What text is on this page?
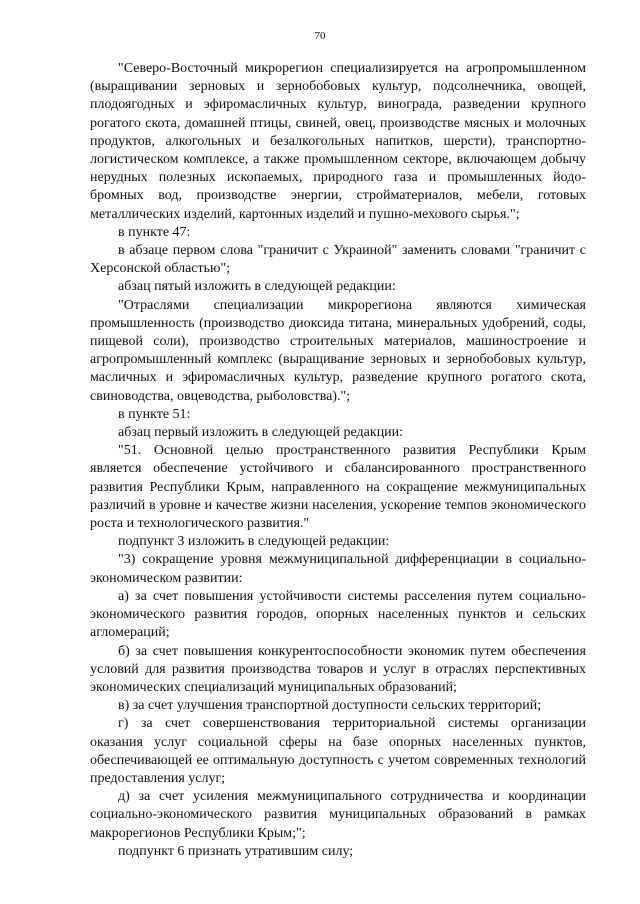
70

"Северо-Восточный микрорегион специализируется на агропромышленном (выращивании зерновых и зернобобовых культур, подсолнечника, овощей, плодоягодных и эфиромасличных культур, винограда, разведении крупного рогатого скота, домашней птицы, свиней, овец, производстве мясных и молочных продуктов, алкогольных и безалкогольных напитков, шерсти), транспортно-логистическом комплексе, а также промышленном секторе, включающем добычу нерудных полезных ископаемых, природного газа и промышленных йодо-бромных вод, производстве энергии, стройматериалов, мебели, готовых металлических изделий, картонных изделий и пушно-мехового сырья.";

в пункте 47:

в абзаце первом слова "граничит с Украиной" заменить словами "граничит с Херсонской областью";

абзац пятый изложить в следующей редакции:

"Отраслями специализации микрорегиона являются химическая промышленность (производство диоксида титана, минеральных удобрений, соды, пищевой соли), производство строительных материалов, машиностроение и агропромышленный комплекс (выращивание зерновых и зернобобовых культур, масличных и эфиромасличных культур, разведение крупного рогатого скота, свиноводства, овцеводства, рыболовства).";

в пункте 51:

абзац первый изложить в следующей редакции:

"51. Основной целью пространственного развития Республики Крым является обеспечение устойчивого и сбалансированного пространственного развития Республики Крым, направленного на сокращение межмуниципальных различий в уровне и качестве жизни населения, ускорение темпов экономического роста и технологического развития."

подпункт 3 изложить в следующей редакции:

"3) сокращение уровня межмуниципальной дифференциации в социально-экономическом развитии:

а) за счет повышения устойчивости системы расселения путем социально-экономического развития городов, опорных населенных пунктов и сельских агломераций;

б) за счет повышения конкурентоспособности экономик путем обеспечения условий для развития производства товаров и услуг в отраслях перспективных экономических специализаций муниципальных образований;

в) за счет улучшения транспортной доступности сельских территорий;

г) за счет совершенствования территориальной системы организации оказания услуг социальной сферы на базе опорных населенных пунктов, обеспечивающей ее оптимальную доступность с учетом современных технологий предоставления услуг;

д) за счет усиления межмуниципального сотрудничества и координации социально-экономического развития муниципальных образований в рамках макрорегионов Республики Крым;";

подпункт 6 признать утратившим силу;
